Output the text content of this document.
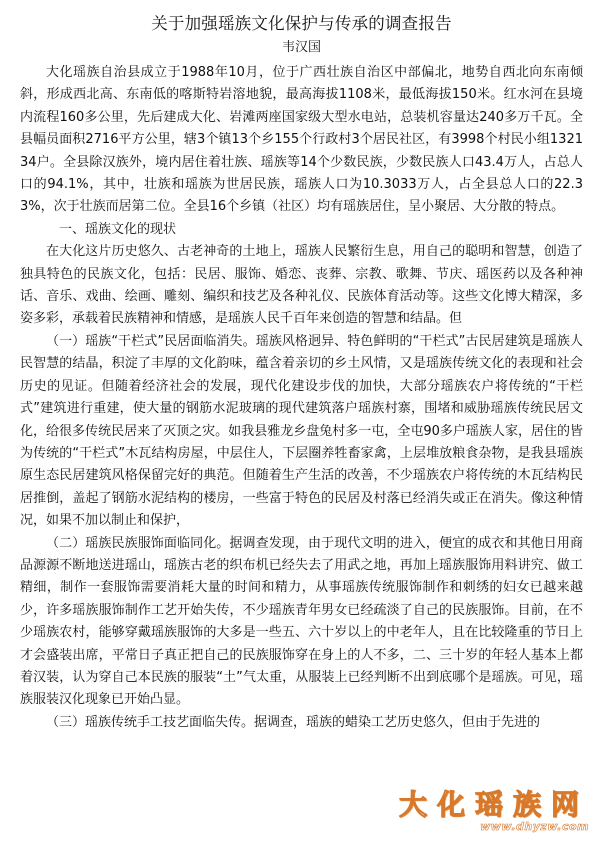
关于加强瑶族文化保护与传承的调查报告
韦汉国

大化瑶族自治县成立于1988年10月，位于广西壮族自治区中部偏北，地势自西北向东南倾斜，形成西北高、东南低的喀斯特岩溶地貌，最高海拔1108米，最低海拔150米。红水河在县境内流程160多公里，先后建成大化、岩滩两座国家级大型水电站，总装机容量达240多万千瓦。全县幅员面积2716平方公里，辖3个镇13个乡155个行政村3个居民社区，有3998个村民小组132134户。全县除汉族外，境内居住着壮族、瑶族等14个少数民族，少数民族人口43.4万人，占总人口的94.1%，其中，壮族和瑶族为世居民族，瑶族人口为10.3033万人，占全县总人口的22.33%，次于壮族而居第二位。全县16个乡镇（社区）均有瑶族居住，呈小聚居、大分散的特点。

一、瑶族文化的现状

在大化这片历史悠久、古老神奇的土地上，瑶族人民繁衍生息，用自己的聪明和智慧，创造了独具特色的民族文化，包括：民居、服饰、婚恋、丧葬、宗教、歌舞、节庆、瑶医药以及各种神话、音乐、戏曲、绘画、雕刻、编织和技艺及各种礼仪、民族体育活动等。这些文化博大精深，多姿多彩，承载着民族精神和情感，是瑶族人民千百年来创造的智慧和结晶。但

（一）瑶族“干栏式”民居面临消失。瑶族风格迥异、特色鲜明的“干栏式”古民居建筑是瑶族人民智慧的结晶，积淀了丰厚的文化韵味，蕴含着亲切的乡土风情，又是瑶族传统文化的表现和社会历史的见证。但随着经济社会的发展，现代化建设步伐的加快，大部分瑶族农户将传统的“干栏式”建筑进行重建，使大量的钢筋水泥玻璃的现代建筑落户瑶族村寨，围堵和威胁瑶族传统民居文化，给很多传统民居来了灭顶之灾。如我县雅龙乡盘兔村多一屯，全屯90多户瑶族人家，居住的皆为传统的“干栏式”木瓦结构房屋，中层住人，下层圈养牲畜家禽，上层堆放粮食杂物，是我县瑶族原生态民居建筑风格保留完好的典范。但随着生产生活的改善，不少瑶族农户将传统的木瓦结构民居推倒，盖起了钢筋水泥结构的楼房，一些富于特色的民居及村落已经消失或正在消失。像这种情况，如果不加以制止和保护，

（二）瑶族民族服饰面临同化。据调查发现，由于现代文明的进入，便宜的成衣和其他日用商品源源不断地送进瑶山，瑶族古老的织布机已经失去了用武之地，再加上瑶族服饰用料讲究、做工精细，制作一套服饰需要消耗大量的时间和精力，从事瑶族传统服饰制作和刺绣的妇女已越来越少，许多瑶族服饰制作工艺开始失传，不少瑶族青年男女已经疏淡了自己的民族服饰。目前，在不少瑶族农村，能够穿戴瑶族服饰的大多是一些五、六十岁以上的中老年人，且在比较隆重的节日上才会盛装出席，平常日子真正把自己的民族服饰穿在身上的人不多，二、三十岁的年轻人基本上都着汉装，认为穿自己本民族的服装“土”气太重，从服装上已经判断不出到底哪个是瑶族。可见，瑶族服装汉化现象已开始凸显。

（三）瑶族传统手工技艺面临失传。据调查，瑶族的蜡染工艺历史悠久，但由于先进的

大化瑶族网
www.dhyzw.com
